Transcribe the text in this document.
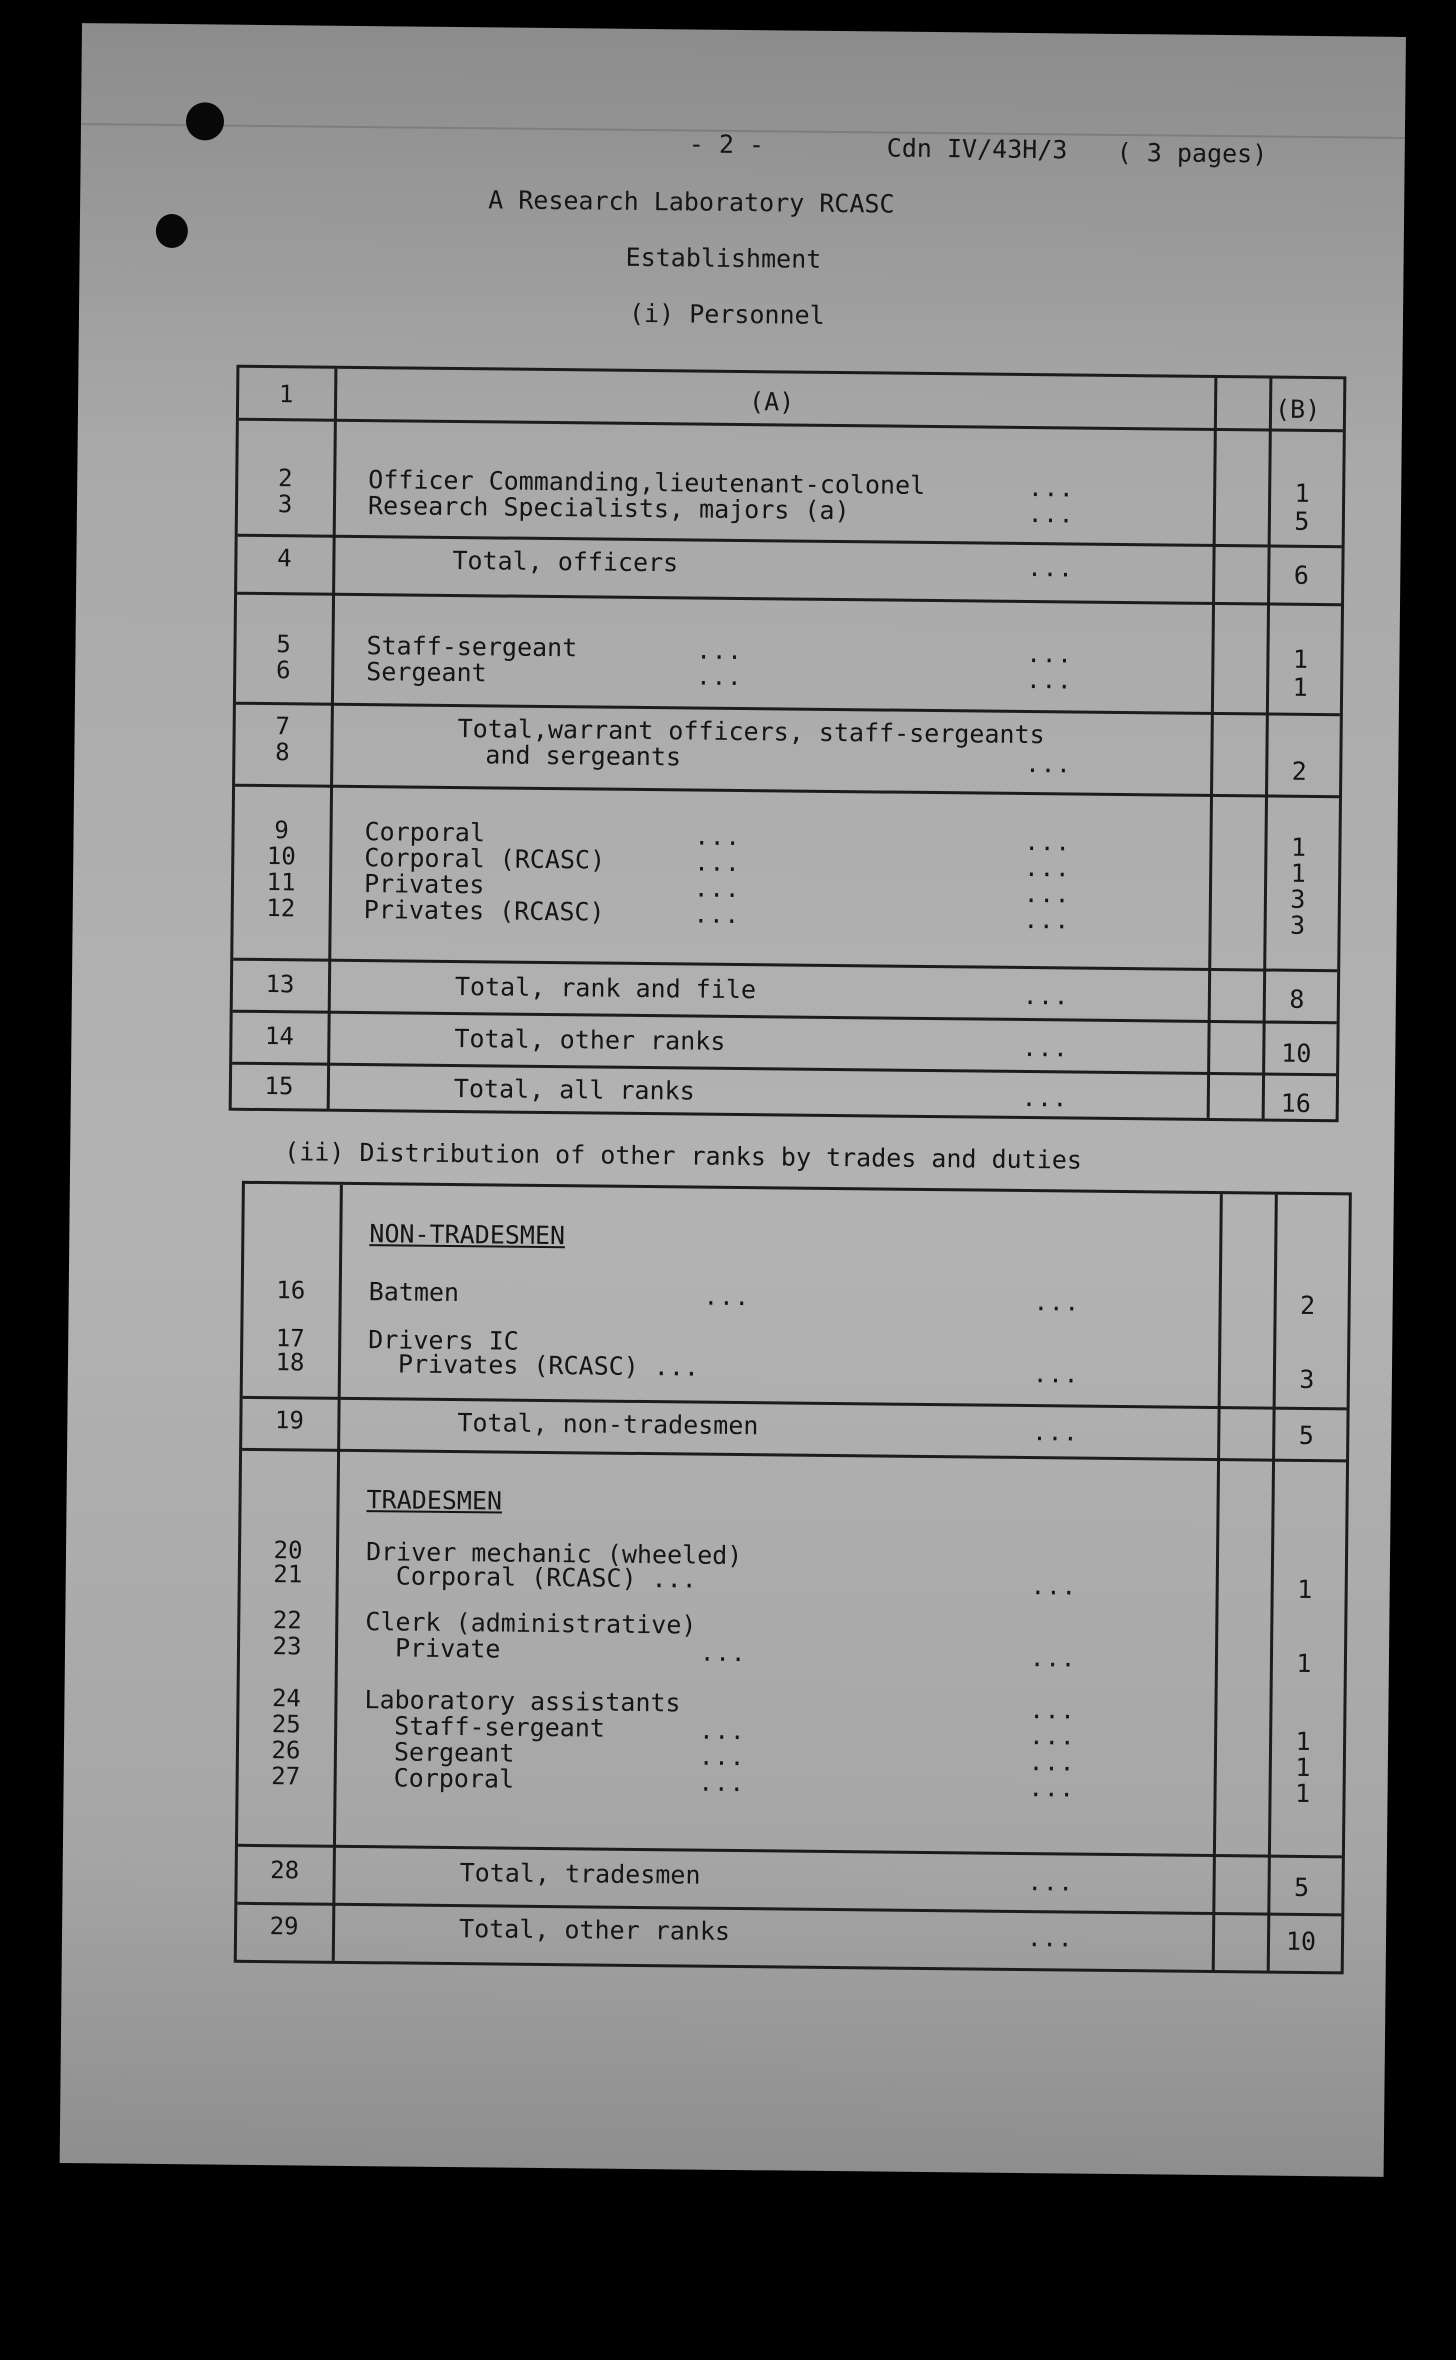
- 2 -	Cdn IV/43H/3 ( 3 pages)
A Research Laboratory RCASC
Establishment
(i) Personnel
1	(A)	(B)
2	Officer Commanding,lieutenant-colonel	...	1
3	Research Specialists, majors (a)	...	5
4	Total, officers	...	6
5	Staff-sergeant	...	...	1
6	Sergeant	...	...	1
7	Total,warrant officers, staff-sergeants
8	and sergeants	...	2
9	Corporal	...	...	1
10	Corporal (RCASC)	...	...	1
11	Privates	...	...	3
12	Privates (RCASC)	...	...	3
13	Total, rank and file	...	8
14	Total, other ranks	...	10
15	Total, all ranks	...	16
(ii) Distribution of other ranks by trades and duties
NON-TRADESMEN
16	Batmen	...	...	2
17	Drivers IC
18	Privates (RCASC) ...	...	3
19	Total, non-tradesmen	...	5
TRADESMEN
20	Driver mechanic (wheeled)
21	Corporal (RCASC) ...	...	1
22	Clerk (administrative)
23	Private	...	...	1
24	Laboratory assistants	...
25	Staff-sergeant	...	...	1
26	Sergeant	...	...	1
27	Corporal	...	...	1
28	Total, tradesmen	...	5
29	Total, other ranks	...	10
